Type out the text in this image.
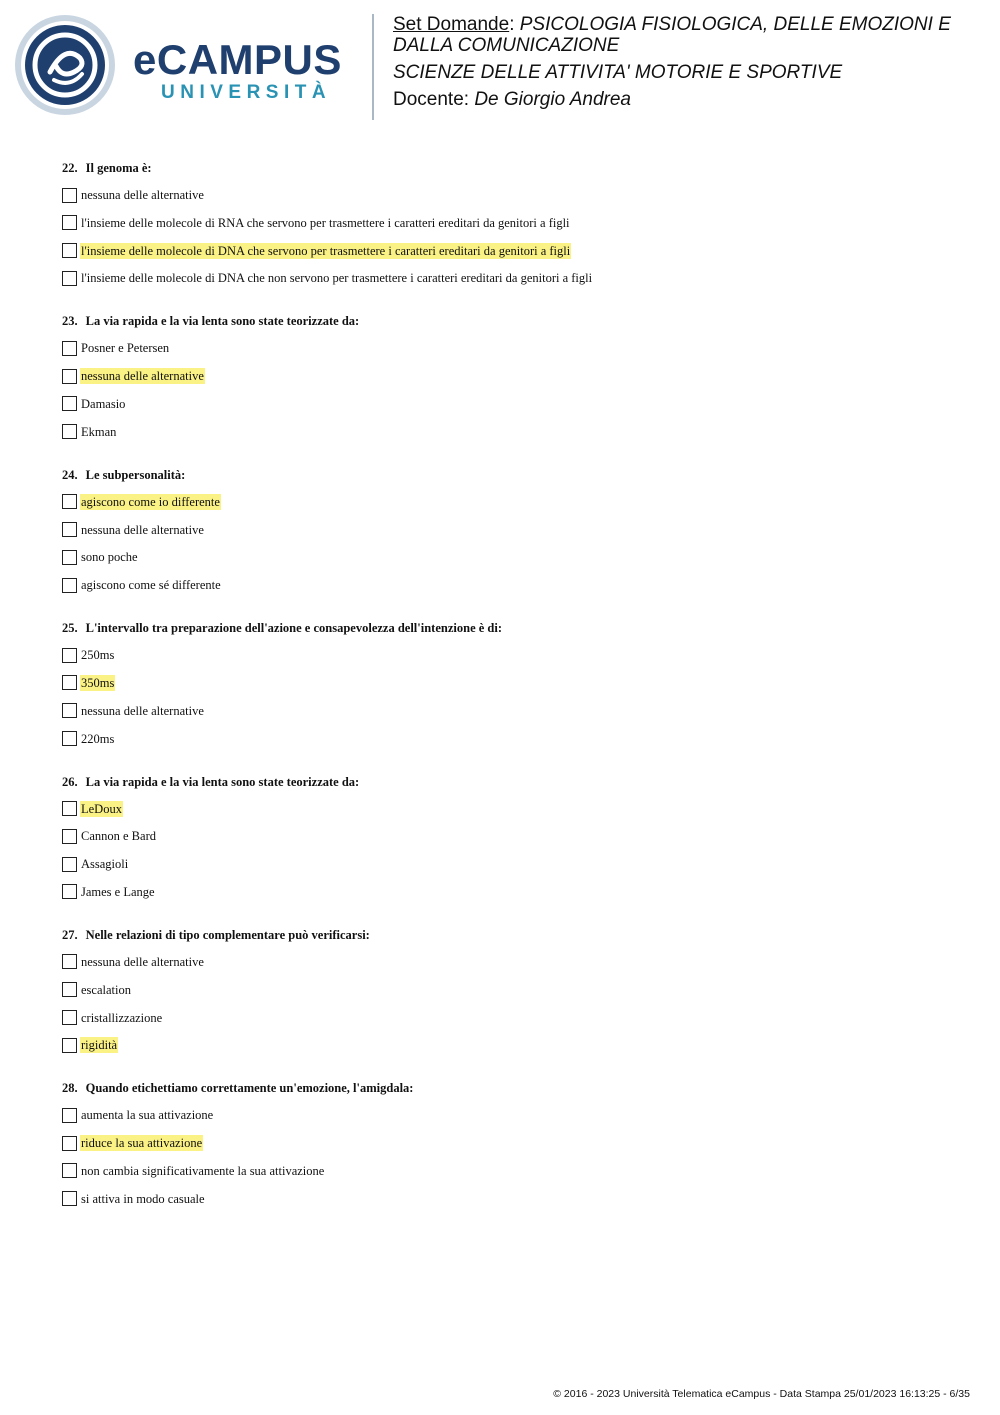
eCAMPUS
UNIVERSITÀ
Set Domande: PSICOLOGIA FISIOLOGICA, DELLE EMOZIONI E DALLA COMUNICAZIONE
SCIENZE DELLE ATTIVITA' MOTORIE E SPORTIVE
Docente: De Giorgio Andrea
22. Il genoma è:
nessuna delle alternative
l'insieme delle molecole di RNA che servono per trasmettere i caratteri ereditari da genitori a figli
l'insieme delle molecole di DNA che servono per trasmettere i caratteri ereditari da genitori a figli
l'insieme delle molecole di DNA che non servono per trasmettere i caratteri ereditari da genitori a figli
23. La via rapida e la via lenta sono state teorizzate da:
Posner e Petersen
nessuna delle alternative
Damasio
Ekman
24. Le subpersonalità:
agiscono come io differente
nessuna delle alternative
sono poche
agiscono come sé differente
25. L'intervallo tra preparazione dell'azione e consapevolezza dell'intenzione è di:
250ms
350ms
nessuna delle alternative
220ms
26. La via rapida e la via lenta sono state teorizzate da:
LeDoux
Cannon e Bard
Assagioli
James e Lange
27. Nelle relazioni di tipo complementare può verificarsi:
nessuna delle alternative
escalation
cristallizzazione
rigidità
28. Quando etichettiamo correttamente un'emozione, l'amigdala:
aumenta la sua attivazione
riduce la sua attivazione
non cambia significativamente la sua attivazione
si attiva in modo casuale
© 2016 - 2023 Università Telematica eCampus - Data Stampa 25/01/2023 16:13:25 - 6/35
